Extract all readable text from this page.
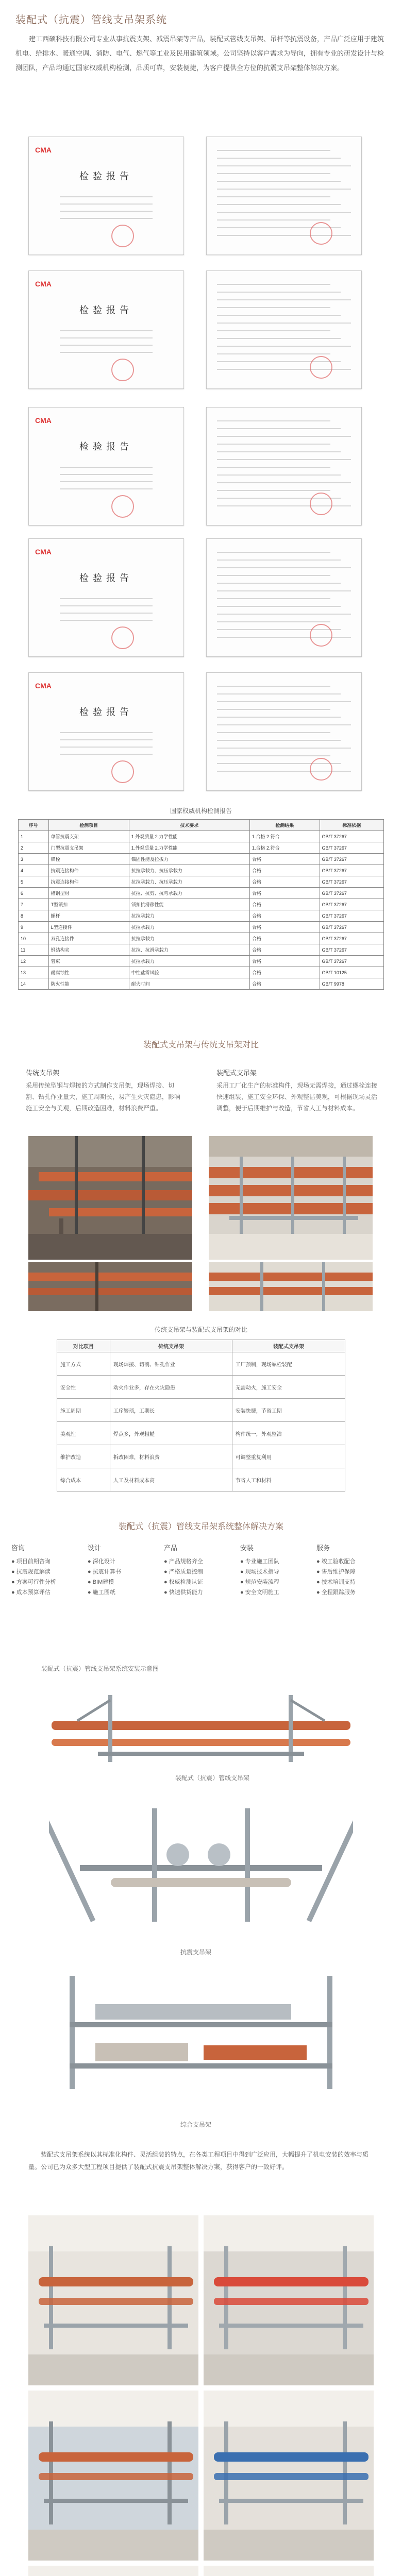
装配式（抗震）管线支吊架系统
　　建工西硕科技有限公司专业从事抗震支架、减震吊架等产品，装配式管线支吊架、吊杆等抗震设备，产品广泛应用于建筑机电、给排水、暖通空调、消防、电气、燃气等工业及民用建筑领域。公司坚持以客户需求为导向，拥有专业的研发设计与检测团队，产品均通过国家权威机构检测，品质可靠，安装便捷，为客户提供全方位的抗震支吊架整体解决方案。
CMA
检验报告
CMA
检验报告
CMA
检验报告
CMA
检验报告
CMA
检验报告
国家权威机构检测报告
序号	检测项目	技术要求	检测结果	标准依据
1	单管抗震支架	1.外观质量 2.力学性能	1.合格 2.符合	GB/T 37267
2	门型抗震支吊架	1.外观质量 2.力学性能	1.合格 2.符合	GB/T 37267
3	锚栓	锚固性能及拉拔力	合格	GB/T 37267
4	抗震连接构件	抗拉承载力、抗压承载力	合格	GB/T 37267
5	抗震连接构件	抗拉承载力、抗压承载力	合格	GB/T 37267
6	槽钢型材	抗拉、抗剪、抗弯承载力	合格	GB/T 37267
7	T型锁扣	锁扣抗滑移性能	合格	GB/T 37267
8	螺杆	抗拉承载力	合格	GB/T 37267
9	L型连接件	抗拉承载力	合格	GB/T 37267
10	双孔连接件	抗拉承载力	合格	GB/T 37267
11	钢结构夹	抗拉、抗滑承载力	合格	GB/T 37267
12	管束	抗拉承载力	合格	GB/T 37267
13	耐腐蚀性	中性盐雾试验	合格	GB/T 10125
14	防火性能	耐火时间	合格	GB/T 9978
装配式支吊架与传统支吊架对比
传统支吊架
采用传统型钢与焊接的方式制作支吊架，现场焊接、切割、钻孔作业量大，施工周期长，易产生火灾隐患，影响施工安全与美观，后期改造困难，材料浪费严重。
装配式支吊架
采用工厂化生产的标准构件，现场无需焊接，通过螺栓连接快速组装，施工安全环保、外观整洁美观，可根据现场灵活调整，便于后期维护与改造，节省人工与材料成本。
传统支吊架与装配式支吊架的对比
对比项目	传统支吊架	装配式支吊架
施工方式	现场焊接、切割、钻孔作业	工厂预制，现场螺栓装配
安全性	动火作业多，存在火灾隐患	无需动火，施工安全
施工周期	工序繁琐，工期长	安装快捷，节省工期
美观性	焊点多，外观粗糙	构件统一，外观整洁
维护改造	拆改困难，材料浪费	可调整重复利用
综合成本	人工及材料成本高	节省人工和材料
装配式（抗震）管线支吊架系统整体解决方案
咨询
● 项目前期咨询
● 抗震规范解读
● 方案可行性分析
● 成本预算评估
设计
● 深化设计
● 抗震计算书
● BIM建模
● 施工图纸
产品
● 产品规格齐全
● 严格质量控制
● 权威检测认证
● 快速供货能力
安装
● 专业施工团队
● 现场技术指导
● 规范安装流程
● 安全文明施工
服务
● 竣工验收配合
● 售后维护保障
● 技术培训支持
● 全程跟踪服务
装配式（抗震）管线支吊架系统安装示意图
装配式（抗震）管线支吊架
抗震支吊架
综合支吊架
　　装配式支吊架系统以其标准化构件、灵活组装的特点，在各类工程项目中得到广泛应用，大幅提升了机电安装的效率与质量。公司已为众多大型工程项目提供了装配式抗震支吊架整体解决方案，获得客户的一致好评。
